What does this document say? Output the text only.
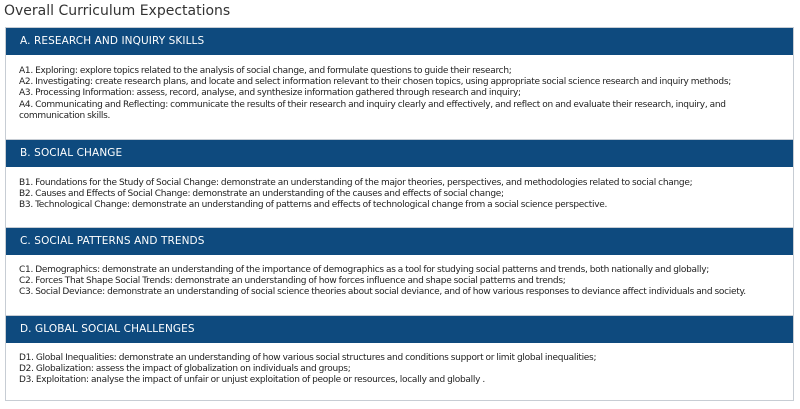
Overall Curriculum Expectations
A. RESEARCH AND INQUIRY SKILLS

A1. Exploring: explore topics related to the analysis of social change, and formulate questions to guide their research;

A2. Investigating: create research plans, and locate and select information relevant to their chosen topics, using appropriate social science research and inquiry methods;

A3. Processing Information: assess, record, analyse, and synthesize information gathered through research and inquiry;

A4. Communicating and Reflecting: communicate the results of their research and inquiry clearly and effectively, and reflect on and evaluate their research, inquiry, and communication skills.

B. SOCIAL CHANGE

B1. Foundations for the Study of Social Change: demonstrate an understanding of the major theories, perspectives, and methodologies related to social change;

B2. Causes and Effects of Social Change: demonstrate an understanding of the causes and effects of social change;

B3. Technological Change: demonstrate an understanding of patterns and effects of technological change from a social science perspective.

C. SOCIAL PATTERNS AND TRENDS

C1. Demographics: demonstrate an understanding of the importance of demographics as a tool for studying social patterns and trends, both nationally and globally;

C2. Forces That Shape Social Trends: demonstrate an understanding of how forces influence and shape social patterns and trends;

C3. Social Deviance: demonstrate an understanding of social science theories about social deviance, and of how various responses to deviance affect individuals and society.

D. GLOBAL SOCIAL CHALLENGES

D1. Global Inequalities: demonstrate an understanding of how various social structures and conditions support or limit global inequalities;

D2. Globalization: assess the impact of globalization on individuals and groups;

D3. Exploitation: analyse the impact of unfair or unjust exploitation of people or resources, locally and globally .
